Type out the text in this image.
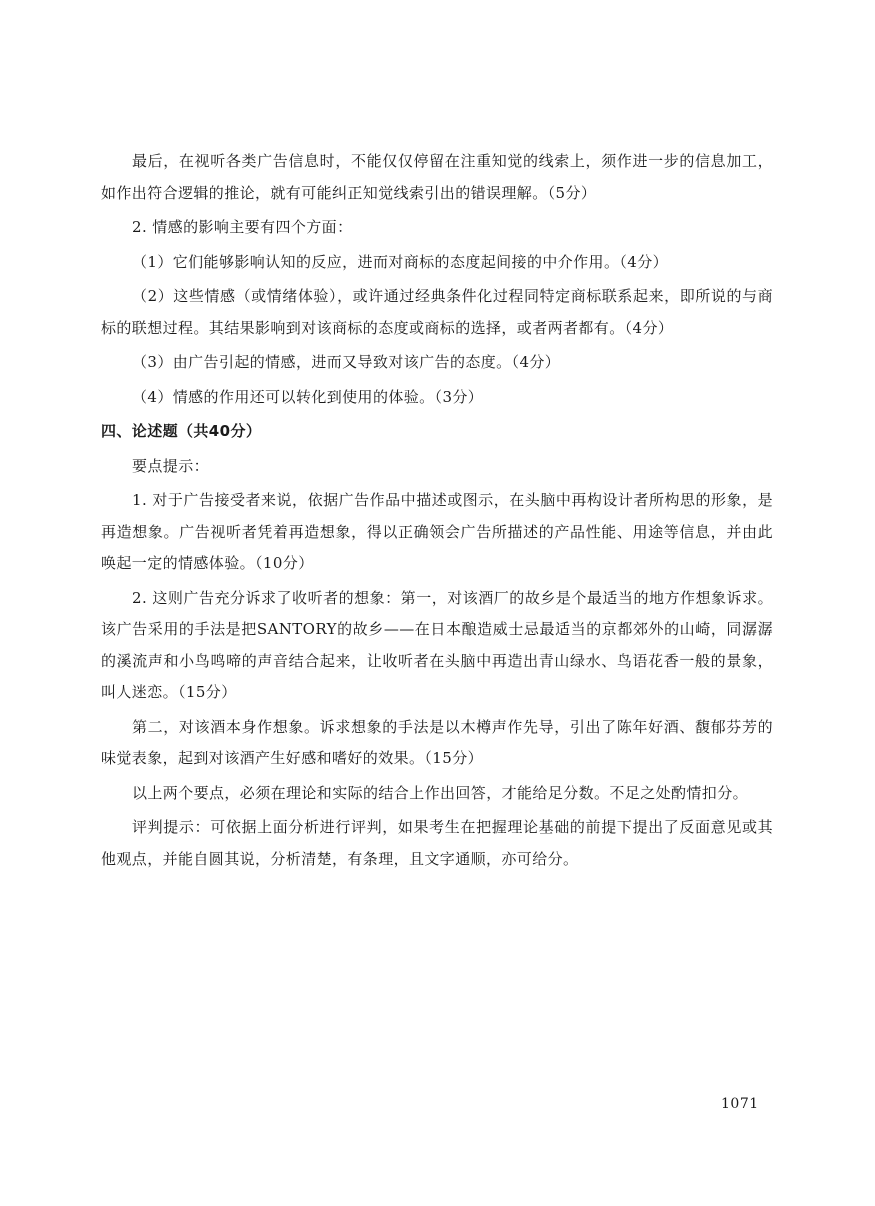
最后，在视听各类广告信息时，不能仅仅停留在注重知觉的线索上，须作进一步的信息加工，如作出符合逻辑的推论，就有可能纠正知觉线索引出的错误理解。（5分）

2. 情感的影响主要有四个方面：

（1）它们能够影响认知的反应，进而对商标的态度起间接的中介作用。（4分）

（2）这些情感（或情绪体验），或许通过经典条件化过程同特定商标联系起来，即所说的与商标的联想过程。其结果影响到对该商标的态度或商标的选择，或者两者都有。（4分）

（3）由广告引起的情感，进而又导致对该广告的态度。（4分）

（4）情感的作用还可以转化到使用的体验。（3分）

四、论述题（共40分）

要点提示：

1. 对于广告接受者来说，依据广告作品中描述或图示，在头脑中再构设计者所构思的形象，是再造想象。广告视听者凭着再造想象，得以正确领会广告所描述的产品性能、用途等信息，并由此唤起一定的情感体验。（10分）

2. 这则广告充分诉求了收听者的想象：第一，对该酒厂的故乡是个最适当的地方作想象诉求。该广告采用的手法是把SANTORY的故乡——在日本酿造威士忌最适当的京都郊外的山崎，同潺潺的溪流声和小鸟鸣啼的声音结合起来，让收听者在头脑中再造出青山绿水、鸟语花香一般的景象，叫人迷恋。（15分）

第二，对该酒本身作想象。诉求想象的手法是以木樽声作先导，引出了陈年好酒、馥郁芬芳的味觉表象，起到对该酒产生好感和嗜好的效果。（15分）

以上两个要点，必须在理论和实际的结合上作出回答，才能给足分数。不足之处酌情扣分。

评判提示：可依据上面分析进行评判，如果考生在把握理论基础的前提下提出了反面意见或其他观点，并能自圆其说，分析清楚，有条理，且文字通顺，亦可给分。

1071
